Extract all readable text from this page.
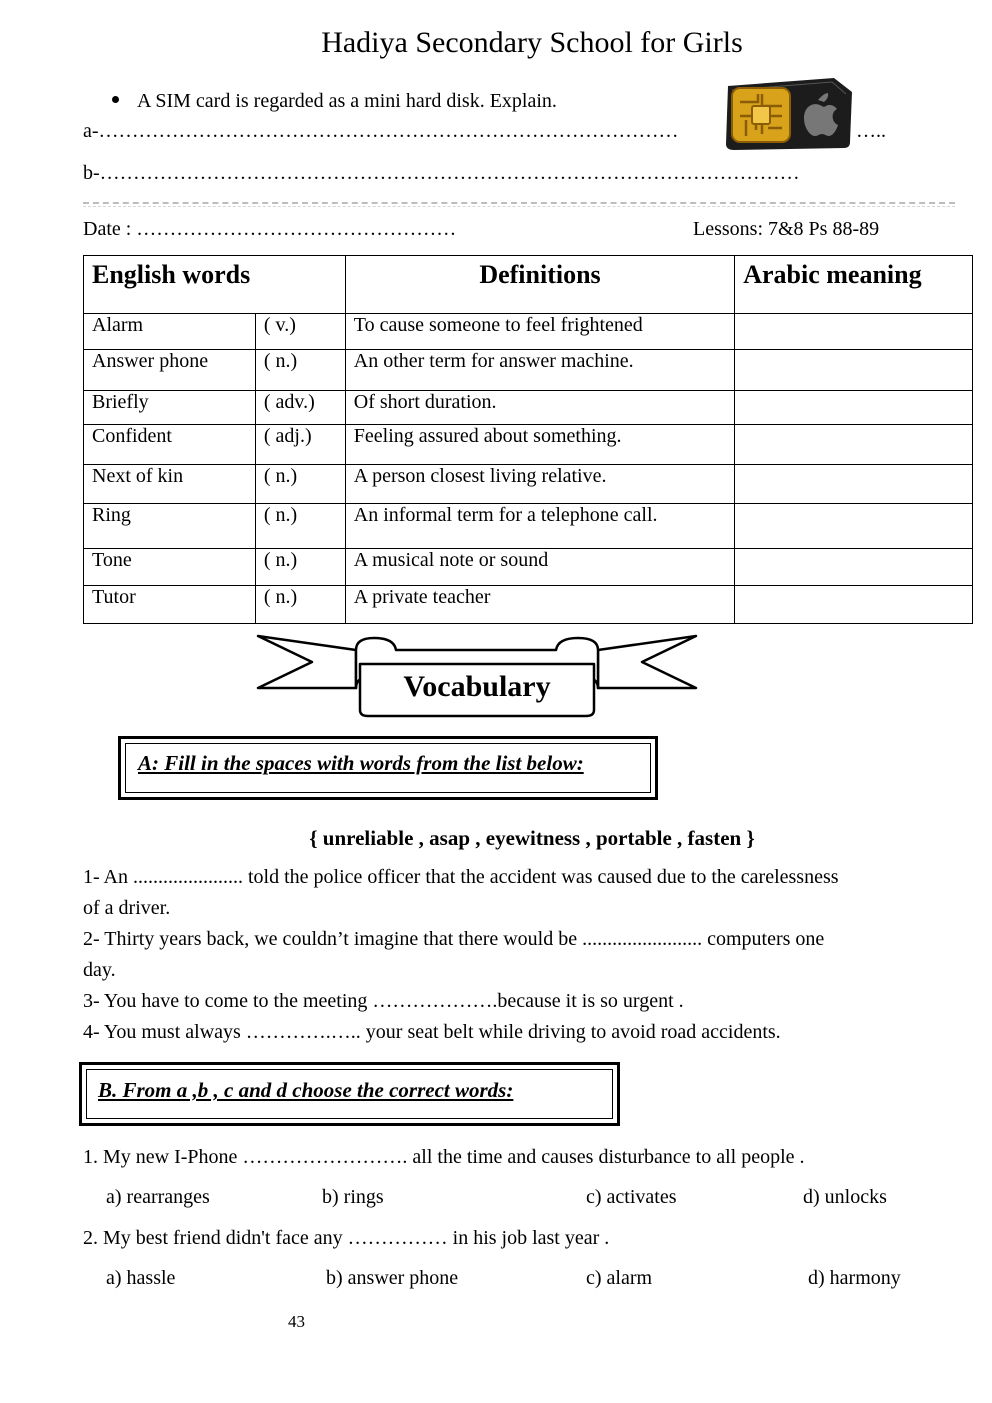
Hadiya Secondary School for Girls
A SIM card is regarded as a mini hard disk. Explain.
a-……………………………………………………………………………	…..
b-……………………………………………………………………………………………
Date : …………………………………………	Lessons: 7&8 Ps 88-89
English words		Definitions	Arabic meaning
Alarm	( v.)	To cause someone to feel frightened	
Answer phone	( n.)	An other term for answer machine.	
Briefly	( adv.)	Of short duration.	
Confident	( adj.)	Feeling assured about something.	
Next of kin	( n.)	A person closest living relative.	
Ring	( n.)	An informal term for a telephone call.	
Tone	( n.)	A musical note or sound	
Tutor	( n.)	A private teacher	
Vocabulary
A: Fill in the spaces with words from the list below:
{ unreliable , asap , eyewitness , portable , fasten }
1- An ...................... told the police officer that the accident was caused due to the carelessness
of a driver.
2- Thirty years back, we couldn’t imagine that there would be ........................ computers one
day.
3- You have to come to the meeting ……………….because it is so urgent .
4- You must always ………….….. your seat belt while driving to avoid road accidents.
B. From a ,b , c and d choose the correct words:
1. My new I-Phone ……………………. all the time and causes disturbance to all people .
a) rearranges	b) rings	c) activates	d) unlocks
2. My best friend didn't face any …………… in his job last year .
a) hassle	b) answer phone	c) alarm	d) harmony
43
